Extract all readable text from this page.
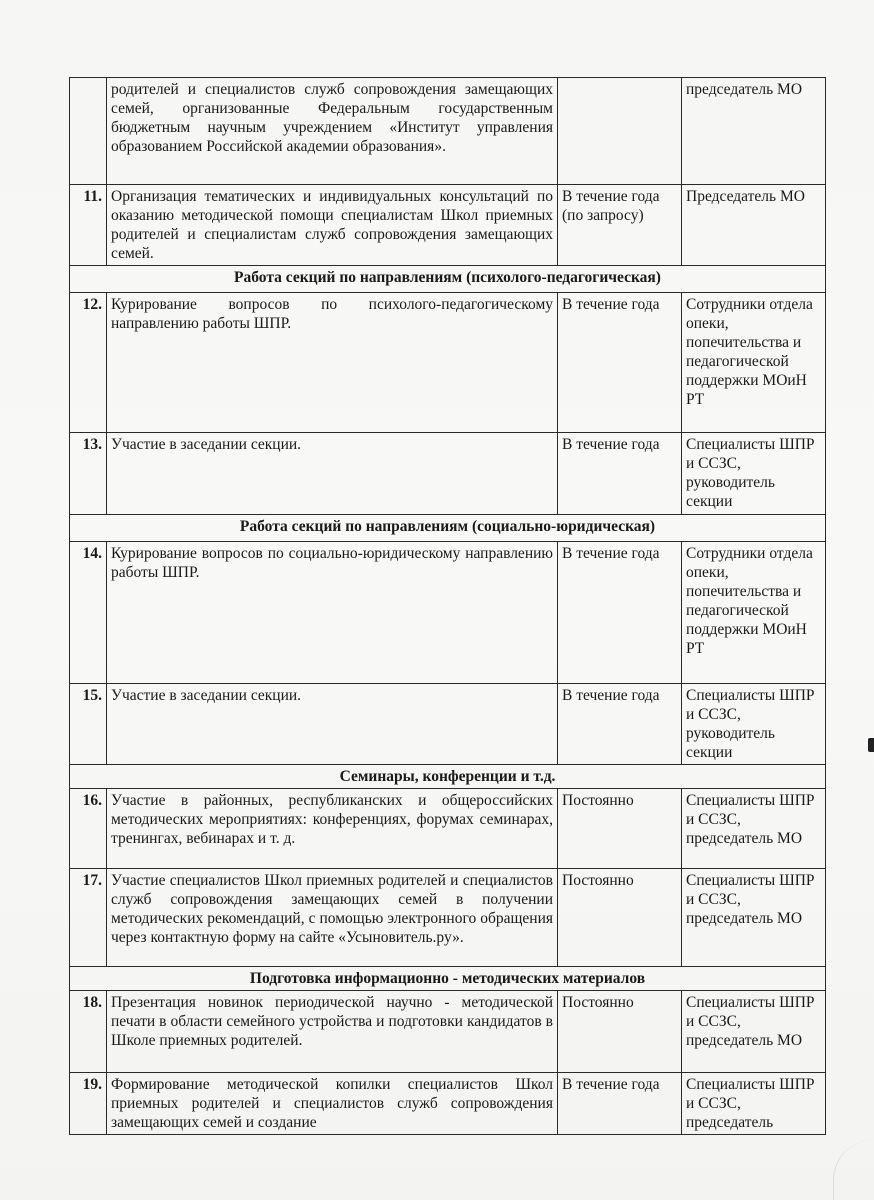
	родителей и специалистов служб сопровождения замещающих семей, организованные Федеральным государственным бюджетным научным учреждением «Институт управления образованием Российской академии образования».		председатель МО
11.	Организация тематических и индивидуальных консультаций по оказанию методической помощи специалистам Школ приемных родителей и специалистам служб сопровождения замещающих семей.	В течение года (по запросу)	Председатель МО
Работа секций по направлениям (психолого-педагогическая)			
12.	Курирование вопросов по психолого-педагогическому направлению работы ШПР.	В течение года	Сотрудники отдела опеки, попечительства и педагогической поддержки МОиН РТ
13.	Участие в заседании секции.	В течение года	Специалисты ШПР и ССЗС, руководитель секции
Работа секций по направлениям (социально-юридическая)			
14.	Курирование вопросов по социально-юридическому направлению работы ШПР.	В течение года	Сотрудники отдела опеки, попечительства и педагогической поддержки МОиН РТ
15.	Участие в заседании секции.	В течение года	Специалисты ШПР и ССЗС, руководитель секции
Семинары, конференции и т.д.			
16.	Участие в районных, республиканских и общероссийских методических мероприятиях: конференциях, форумах семинарах, тренингах, вебинарах и т. д.	Постоянно	Специалисты ШПР и ССЗС, председатель МО
17.	Участие специалистов Школ приемных родителей и специалистов служб сопровождения замещающих семей в получении методических рекомендаций, с помощью электронного обращения через контактную форму на сайте «Усыновитель.ру».	Постоянно	Специалисты ШПР и ССЗС, председатель МО
Подготовка информационно - методических материалов			
18.	Презентация новинок периодической научно - методической печати в области семейного устройства и подготовки кандидатов в Школе приемных родителей.	Постоянно	Специалисты ШПР и ССЗС, председатель МО
19.	Формирование методической копилки специалистов Школ приемных родителей и специалистов служб сопровождения замещающих семей и создание	В течение года	Специалисты ШПР и ССЗС, председатель
